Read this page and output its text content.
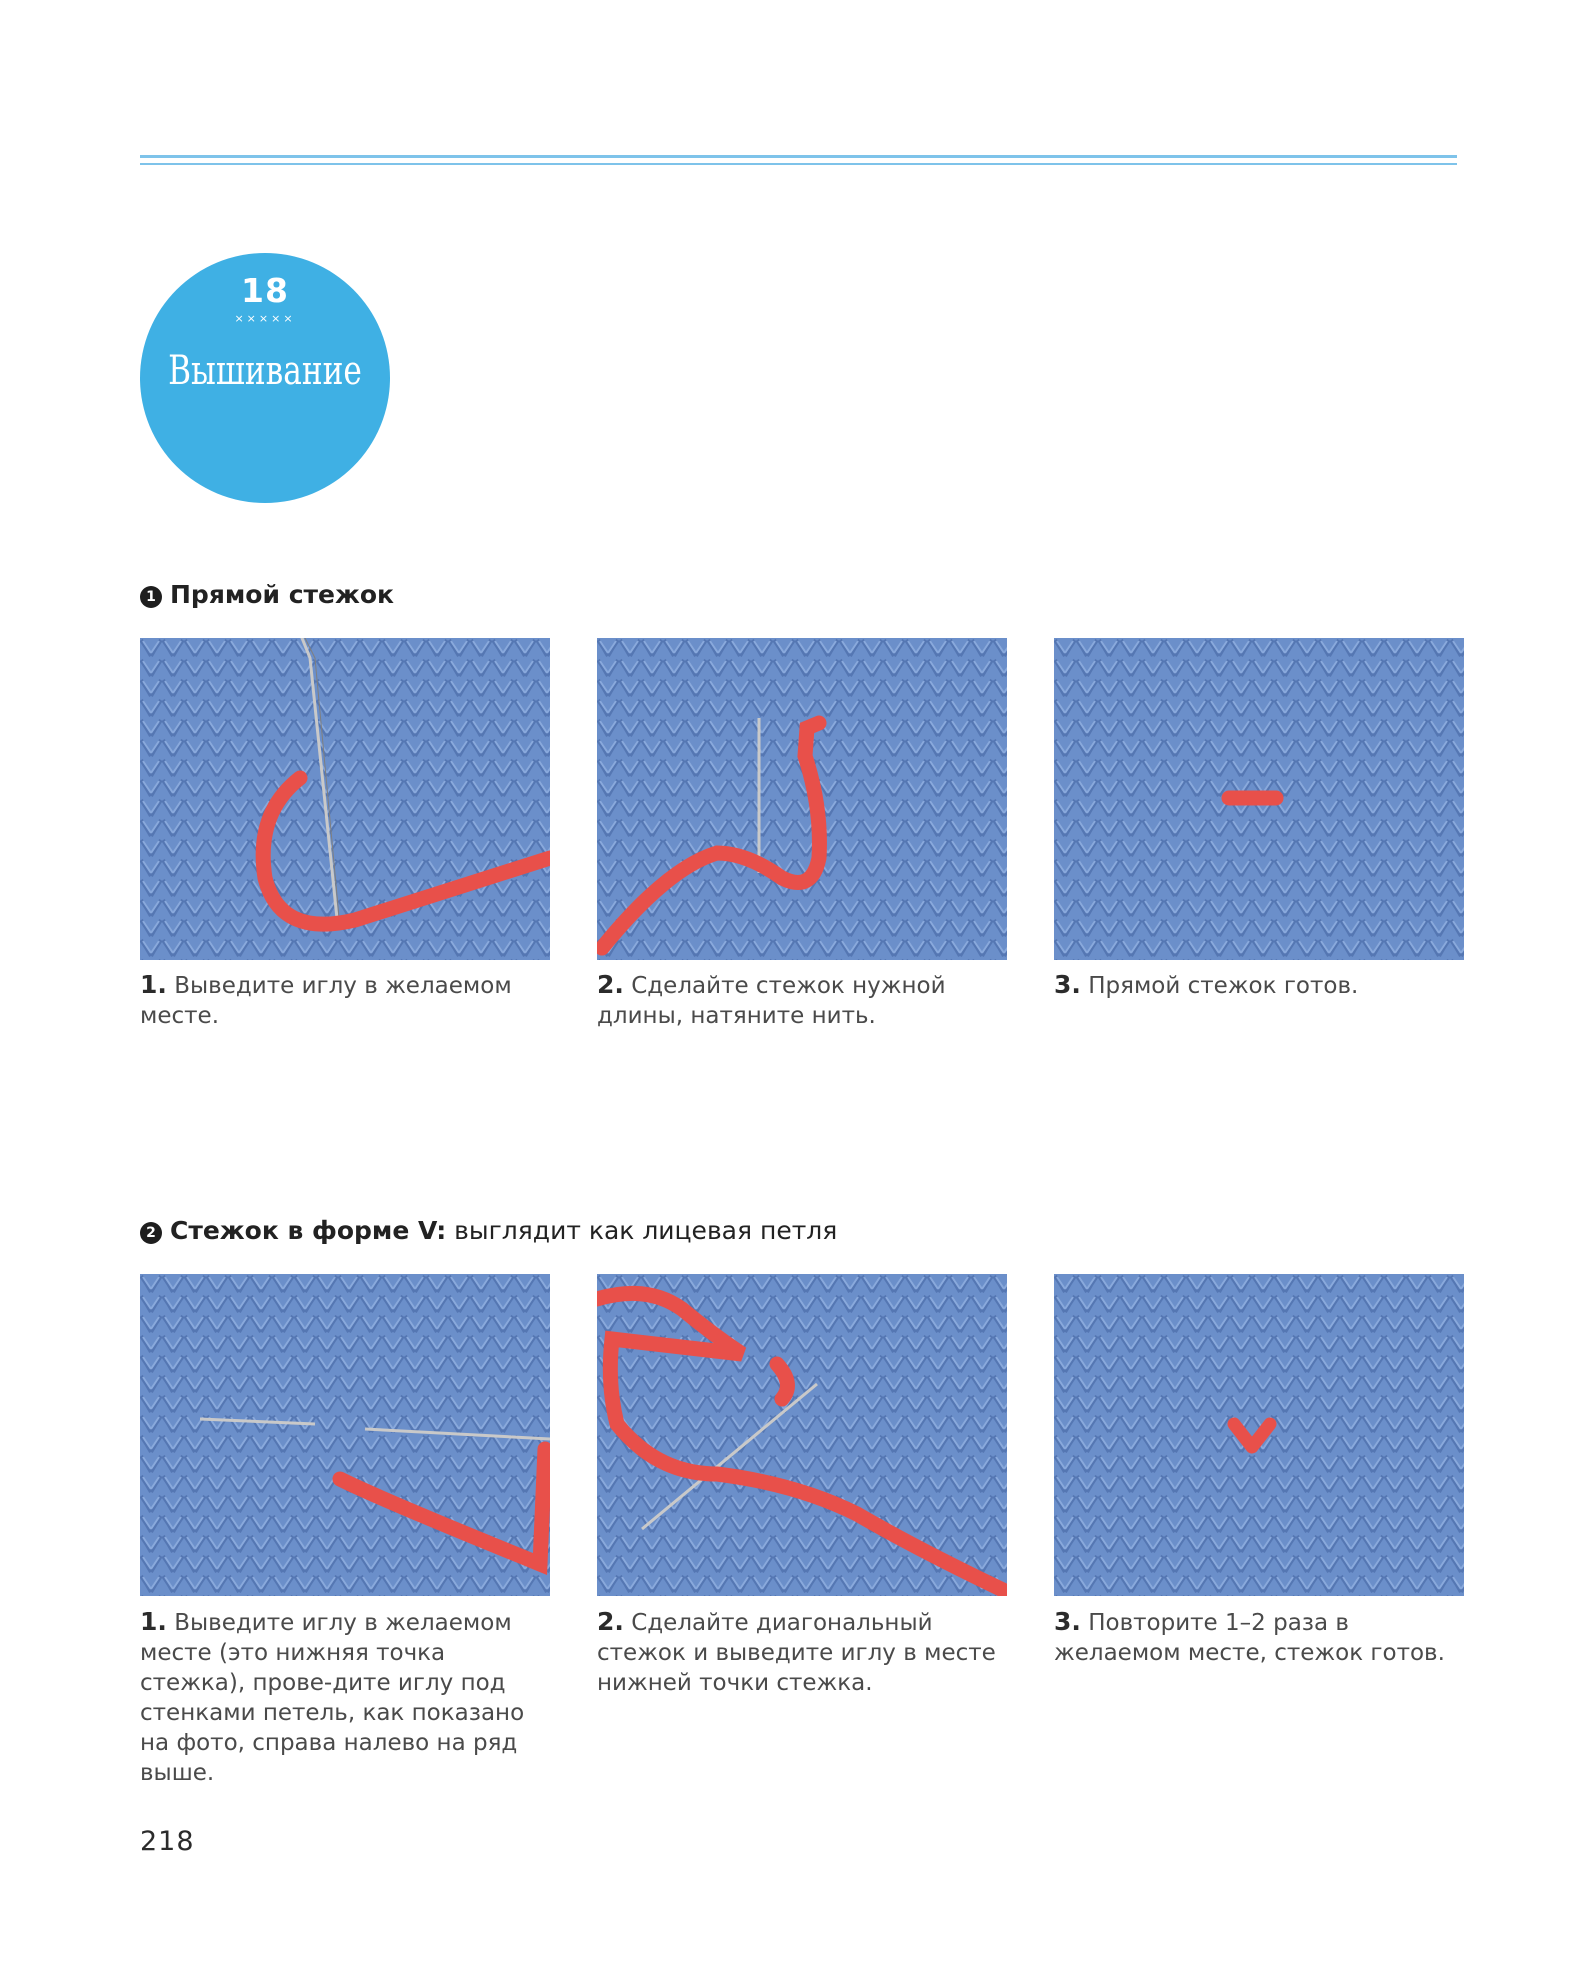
18
×××××
Вышивание
1 Прямой стежок
1. Выведите иглу в желаемом месте.
2. Сделайте стежок нужной длины, натяните нить.
3. Прямой стежок готов.
2 Стежок в форме V: выглядит как лицевая петля
1. Выведите иглу в желаемом месте (это нижняя точка стежка), прове-дите иглу под стенками петель, как показано на фото, справа налево на ряд выше.
2. Сделайте диагональный стежок и выведите иглу в месте нижней точки стежка.
3. Повторите 1–2 раза в желаемом месте, стежок готов.
218
